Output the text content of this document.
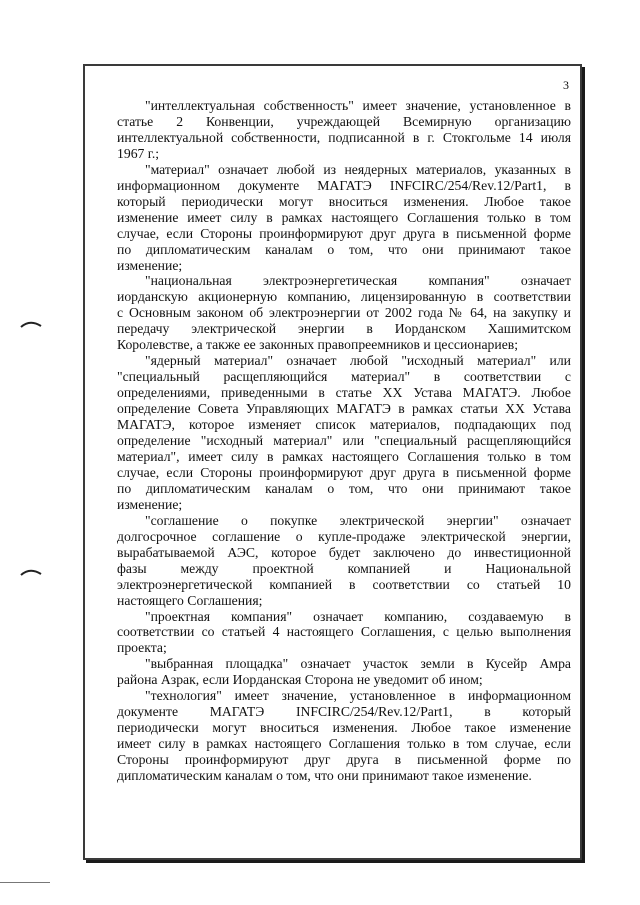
3

"интеллектуальная собственность" имеет значение, установленное в
статье 2 Конвенции, учреждающей Всемирную организацию
интеллектуальной собственности, подписанной в г. Стокгольме 14 июля
1967 г.;

"материал" означает любой из неядерных материалов, указанных в
информационном документе МАГАТЭ INFCIRC/254/Rev.12/Part1, в
который периодически могут вноситься изменения. Любое такое
изменение имеет силу в рамках настоящего Соглашения только в том
случае, если Стороны проинформируют друг друга в письменной форме
по дипломатическим каналам о том, что они принимают такое
изменение;

"национальная электроэнергетическая компания" означает
иорданскую акционерную компанию, лицензированную в соответствии
с Основным законом об электроэнергии от 2002 года № 64, на закупку и
передачу электрической энергии в Иорданском Хашимитском
Королевстве, а также ее законных правопреемников и цессионариев;

"ядерный материал" означает любой "исходный материал" или
"специальный расщепляющийся материал" в соответствии с
определениями, приведенными в статье XX Устава МАГАТЭ. Любое
определение Совета Управляющих МАГАТЭ в рамках статьи XX Устава
МАГАТЭ, которое изменяет список материалов, подпадающих под
определение "исходный материал" или "специальный расщепляющийся
материал", имеет силу в рамках настоящего Соглашения только в том
случае, если Стороны проинформируют друг друга в письменной форме
по дипломатическим каналам о том, что они принимают такое
изменение;

"соглашение о покупке электрической энергии" означает
долгосрочное соглашение о купле-продаже электрической энергии,
вырабатываемой АЭС, которое будет заключено до инвестиционной
фазы между проектной компанией и Национальной
электроэнергетической компанией в соответствии со статьей 10
настоящего Соглашения;

"проектная компания" означает компанию, создаваемую в
соответствии со статьей 4 настоящего Соглашения, с целью выполнения
проекта;

"выбранная площадка" означает участок земли в Кусейр Амра
района Азрак, если Иорданская Сторона не уведомит об ином;

"технология" имеет значение, установленное в информационном
документе МАГАТЭ INFCIRC/254/Rev.12/Part1, в который
периодически могут вноситься изменения. Любое такое изменение
имеет силу в рамках настоящего Соглашения только в том случае, если
Стороны проинформируют друг друга в письменной форме по
дипломатическим каналам о том, что они принимают такое изменение.
